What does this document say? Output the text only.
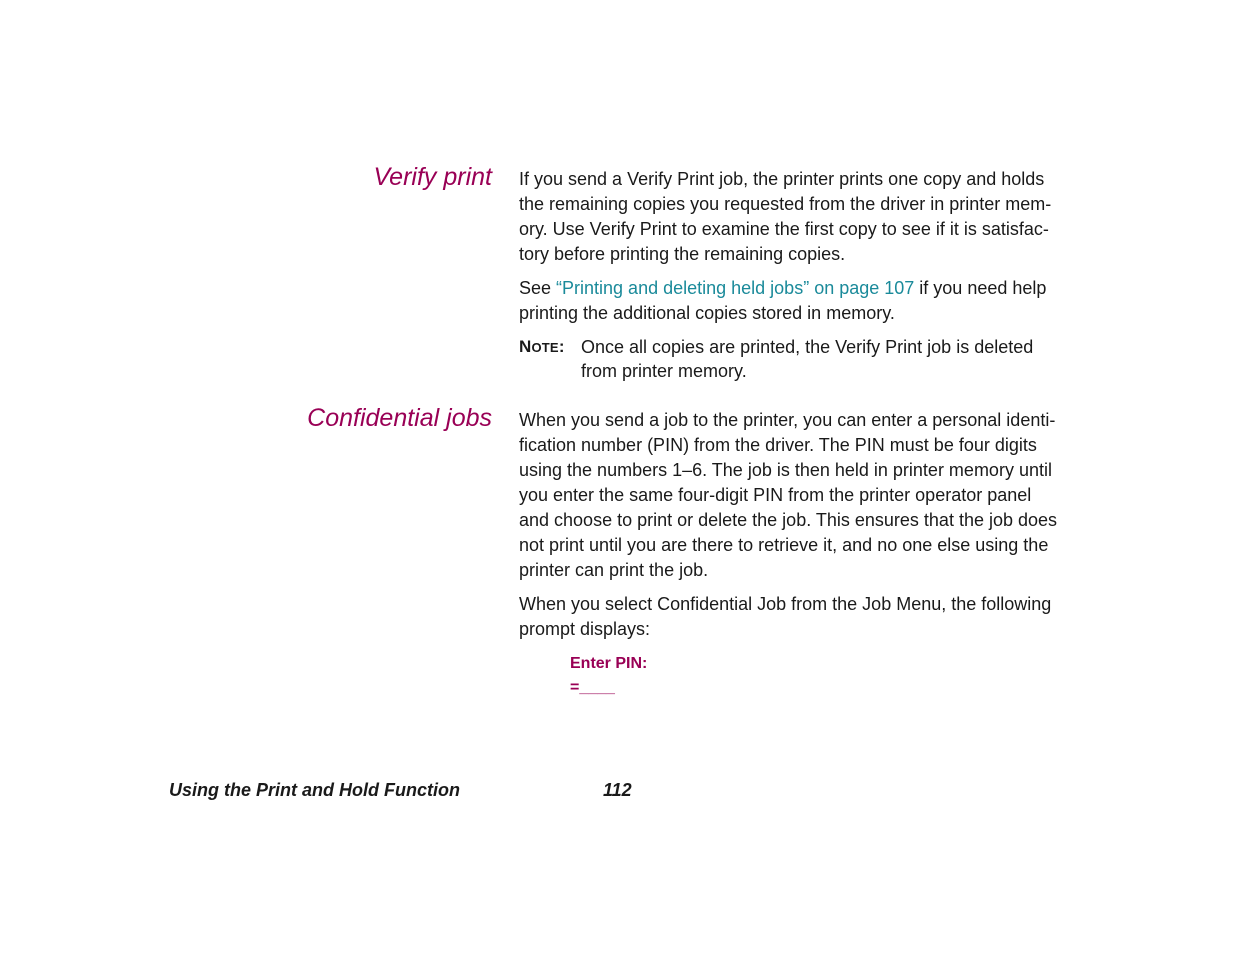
Verify print If you send a Verify Print job, the printer prints one copy and holds
the remaining copies you requested from the driver in printer mem-
ory. Use Verify Print to examine the first copy to see if it is satisfac-
tory before printing the remaining copies.

See “Printing and deleting held jobs” on page 107 if you need help
printing the additional copies stored in memory.

NOTE: Once all copies are printed, the Verify Print job is deleted
from printer memory.
Confidential jobs When you send a job to the printer, you can enter a personal identi-
fication number (PIN) from the driver. The PIN must be four digits
using the numbers 1–6. The job is then held in printer memory until
you enter the same four-digit PIN from the printer operator panel
and choose to print or delete the job. This ensures that the job does
not print until you are there to retrieve it, and no one else using the
printer can print the job.

When you select Confidential Job from the Job Menu, the following
prompt displays:

Enter PIN:
=____
Using the Print and Hold Function	112
